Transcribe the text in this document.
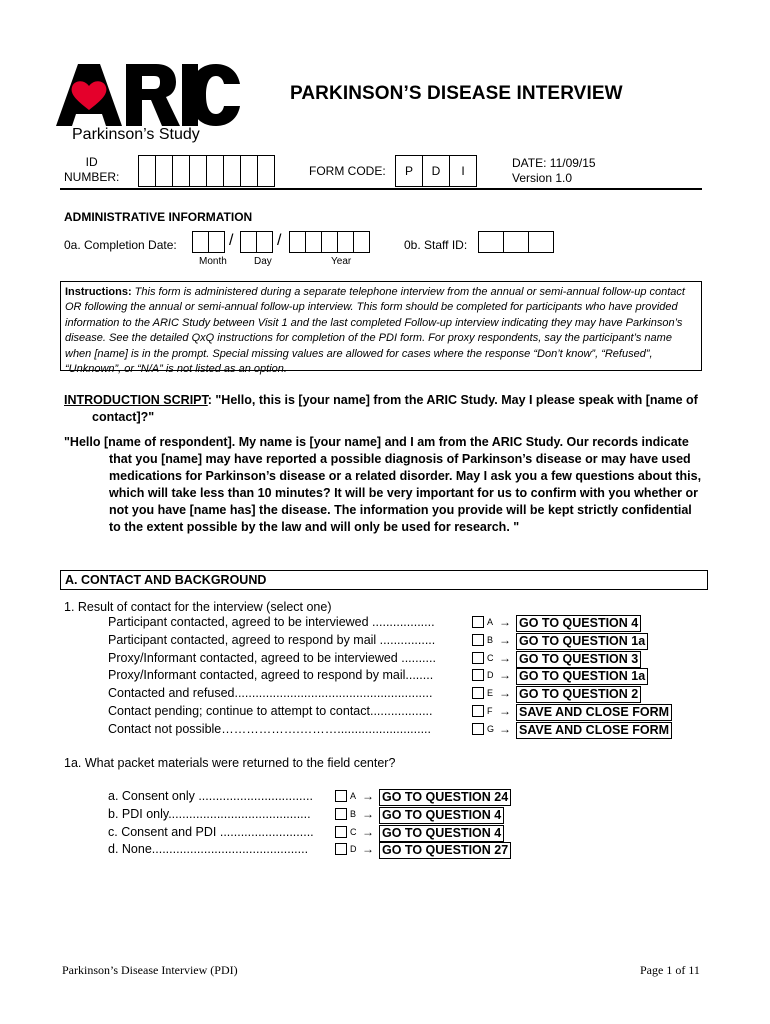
PARKINSON’S DISEASE INTERVIEW
Parkinson’s Study
ID
NUMBER:	FORM CODE:	P	D	I
DATE: 11/09/15
Version 1.0
ADMINISTRATIVE INFORMATION
0a. Completion Date:	/	/
Month	Day	Year
0b. Staff ID:
Instructions: This form is administered during a separate telephone interview from the annual or semi-annual follow-up contact OR following the annual or semi-annual follow-up interview. This form should be completed for participants who have provided information to the ARIC Study between Visit 1 and the last completed Follow-up interview indicating they may have Parkinson’s disease. See the detailed QxQ instructions for completion of the PDI form. For proxy respondents, say the participant’s name when [name] is in the prompt. Special missing values are allowed for cases where the response “Don’t know”, “Refused”, “Unknown”, or “N/A” is not listed as an option.

INTRODUCTION SCRIPT: "Hello, this is [your name] from the ARIC Study. May I please speak with [name of contact]?"

"Hello [name of respondent]. My name is [your name] and I am from the ARIC Study. Our records indicate that you [name] may have reported a possible diagnosis of Parkinson’s disease or may have used medications for Parkinson’s disease or a related disorder. May I ask you a few questions about this, which will take less than 10 minutes? It will be very important for us to confirm with you whether or not you have [name has] the disease. The information you provide will be kept strictly confidential to the extent possible by the law and will only be used for research. "

A. CONTACT AND BACKGROUND
1. Result of contact for the interview (select one)
Participant contacted, agreed to be interviewed ..................	A → GO TO QUESTION 4
Participant contacted, agreed to respond by mail ................	B → GO TO QUESTION 1a
Proxy/Informant contacted, agreed to be interviewed ..........	C → GO TO QUESTION 3
Proxy/Informant contacted, agreed to respond by mail........	D → GO TO QUESTION 1a
Contacted and refused.........................................................	E → GO TO QUESTION 2
Contact pending; continue to attempt to contact..................	F → SAVE AND CLOSE FORM
Contact not possible……………….………...........................	G → SAVE AND CLOSE FORM
1a. What packet materials were returned to the field center?
a. Consent only .................................	A → GO TO QUESTION 24
b. PDI only.........................................	B → GO TO QUESTION 4
c. Consent and PDI ...........................	C → GO TO QUESTION 4
d. None.............................................	D → GO TO QUESTION 27
Parkinson’s Disease Interview (PDI)	Page 1 of 11
